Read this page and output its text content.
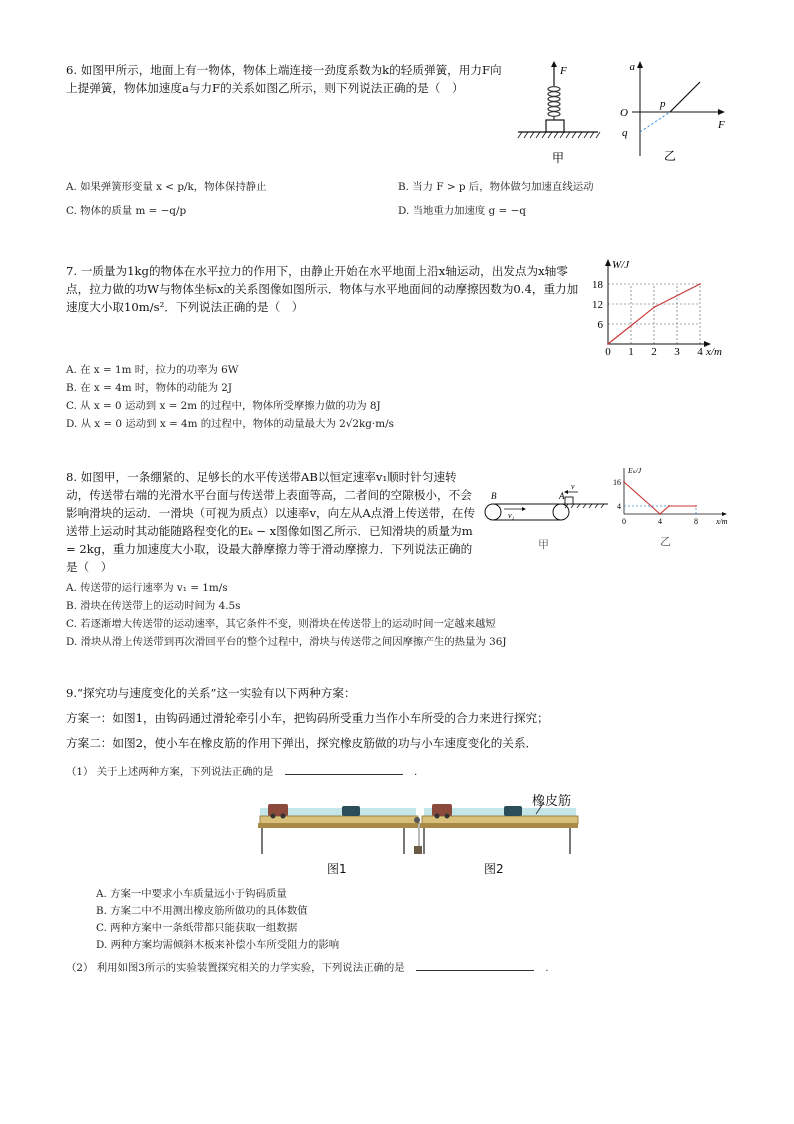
6. 如图甲所示，地面上有一物体，物体上端连接一劲度系数为k的轻质弹簧，用力F向上提弹簧，物体加速度a与力F的关系如图乙所示，则下列说法正确的是（　）
F
甲
a
F
O
p
q
乙
A. 如果弹簧形变量 x < p/k，物体保持静止	B. 当力 F > p 后，物体做匀加速直线运动
C. 物体的质量 m = −q/p	D. 当地重力加速度 g = −q
7. 一质量为1kg的物体在水平拉力的作用下，由静止开始在水平地面上沿x轴运动，出发点为x轴零点，拉力做的功W与物体坐标x的关系图像如图所示．物体与水平地面间的动摩擦因数为0.4，重力加速度大小取10m/s²．下列说法正确的是（　）
0 1 2 3 4
6
12
18
W/J
x/m
A. 在 x = 1m 时，拉力的功率为 6W
B. 在 x = 4m 时，物体的动能为 2J
C. 从 x = 0 运动到 x = 2m 的过程中，物体所受摩擦力做的功为 8J
D. 从 x = 0 运动到 x = 4m 的过程中，物体的动量最大为 2√2kg·m/s
8. 如图甲，一条绷紧的、足够长的水平传送带AB以恒定速率v₁顺时针匀速转动，传送带右端的光滑水平台面与传送带上表面等高，二者间的空隙极小，不会影响滑块的运动．一滑块（可视为质点）以速率v，向左从A点滑上传送带，在传送带上运动时其动能随路程变化的Eₖ − x图像如图乙所示．已知滑块的质量为m = 2kg，重力加速度大小取，设最大静摩擦力等于滑动摩擦力．下列说法正确的是（　）
B	A
v₁
v
甲
0	4	8
4
16
Eₖ/J
x/m
乙
A. 传送带的运行速率为 v₁ = 1m/s
B. 滑块在传送带上的运动时间为 4.5s
C. 若逐渐增大传送带的运动速率，其它条件不变，则滑块在传送带上的运动时间一定越来越短
D. 滑块从滑上传送带到再次滑回平台的整个过程中，滑块与传送带之间因摩擦产生的热量为 36J
9.“探究功与速度变化的关系”这一实验有以下两种方案：
方案一：如图1，由钩码通过滑轮牵引小车，把钩码所受重力当作小车所受的合力来进行探究；
方案二：如图2，使小车在橡皮筋的作用下弹出，探究橡皮筋做的功与小车速度变化的关系．
（1） 关于上述两种方案，下列说法正确的是	.
橡皮筋
图1	图2
A. 方案一中要求小车质量远小于钩码质量
B. 方案二中不用测出橡皮筋所做功的具体数值
C. 两种方案中一条纸带都只能获取一组数据
D. 两种方案均需倾斜木板来补偿小车所受阻力的影响
（2） 利用如图3所示的实验装置探究相关的力学实验，下列说法正确的是	.
